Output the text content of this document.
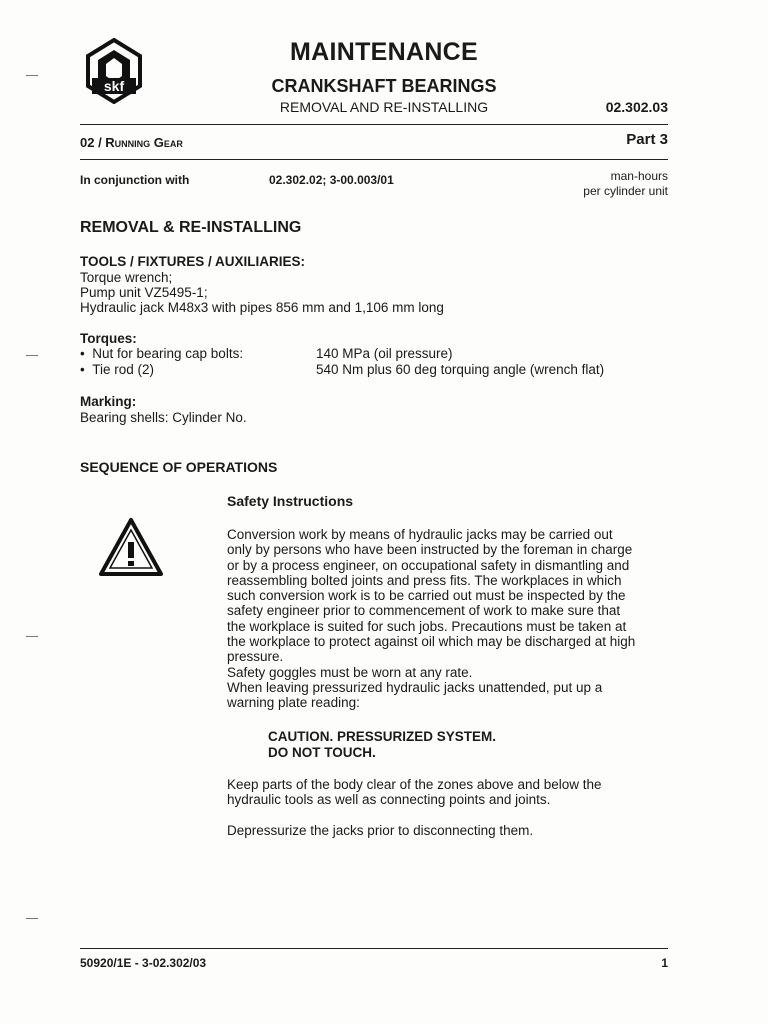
skf
MAINTENANCE
CRANKSHAFT BEARINGS
REMOVAL AND RE-INSTALLING	02.302.03
02 / Running Gear	Part 3
In conjunction with	02.302.02; 3-00.003/01	man-hours
per cylinder unit
REMOVAL & RE-INSTALLING
TOOLS / FIXTURES / AUXILIARIES:
Torque wrench;
Pump unit VZ5495-1;
Hydraulic jack M48x3 with pipes 856 mm and 1,106 mm long
Torques:
•  Nut for bearing cap bolts:	140 MPa (oil pressure)
•  Tie rod (2)	540 Nm plus 60 deg torquing angle (wrench flat)
Marking:
Bearing shells: Cylinder No.
SEQUENCE OF OPERATIONS
Safety Instructions
Conversion work by means of hydraulic jacks may be carried out
only by persons who have been instructed by the foreman in charge
or by a process engineer, on occupational safety in dismantling and
reassembling bolted joints and press fits. The workplaces in which
such conversion work is to be carried out must be inspected by the
safety engineer prior to commencement of work to make sure that
the workplace is suited for such jobs. Precautions must be taken at
the workplace to protect against oil which may be discharged at high
pressure.
Safety goggles must be worn at any rate.
When leaving pressurized hydraulic jacks unattended, put up a
warning plate reading:
CAUTION. PRESSURIZED SYSTEM.
DO NOT TOUCH.
Keep parts of the body clear of the zones above and below the
hydraulic tools as well as connecting points and joints.
Depressurize the jacks prior to disconnecting them.
50920/1E - 3-02.302/03	1
